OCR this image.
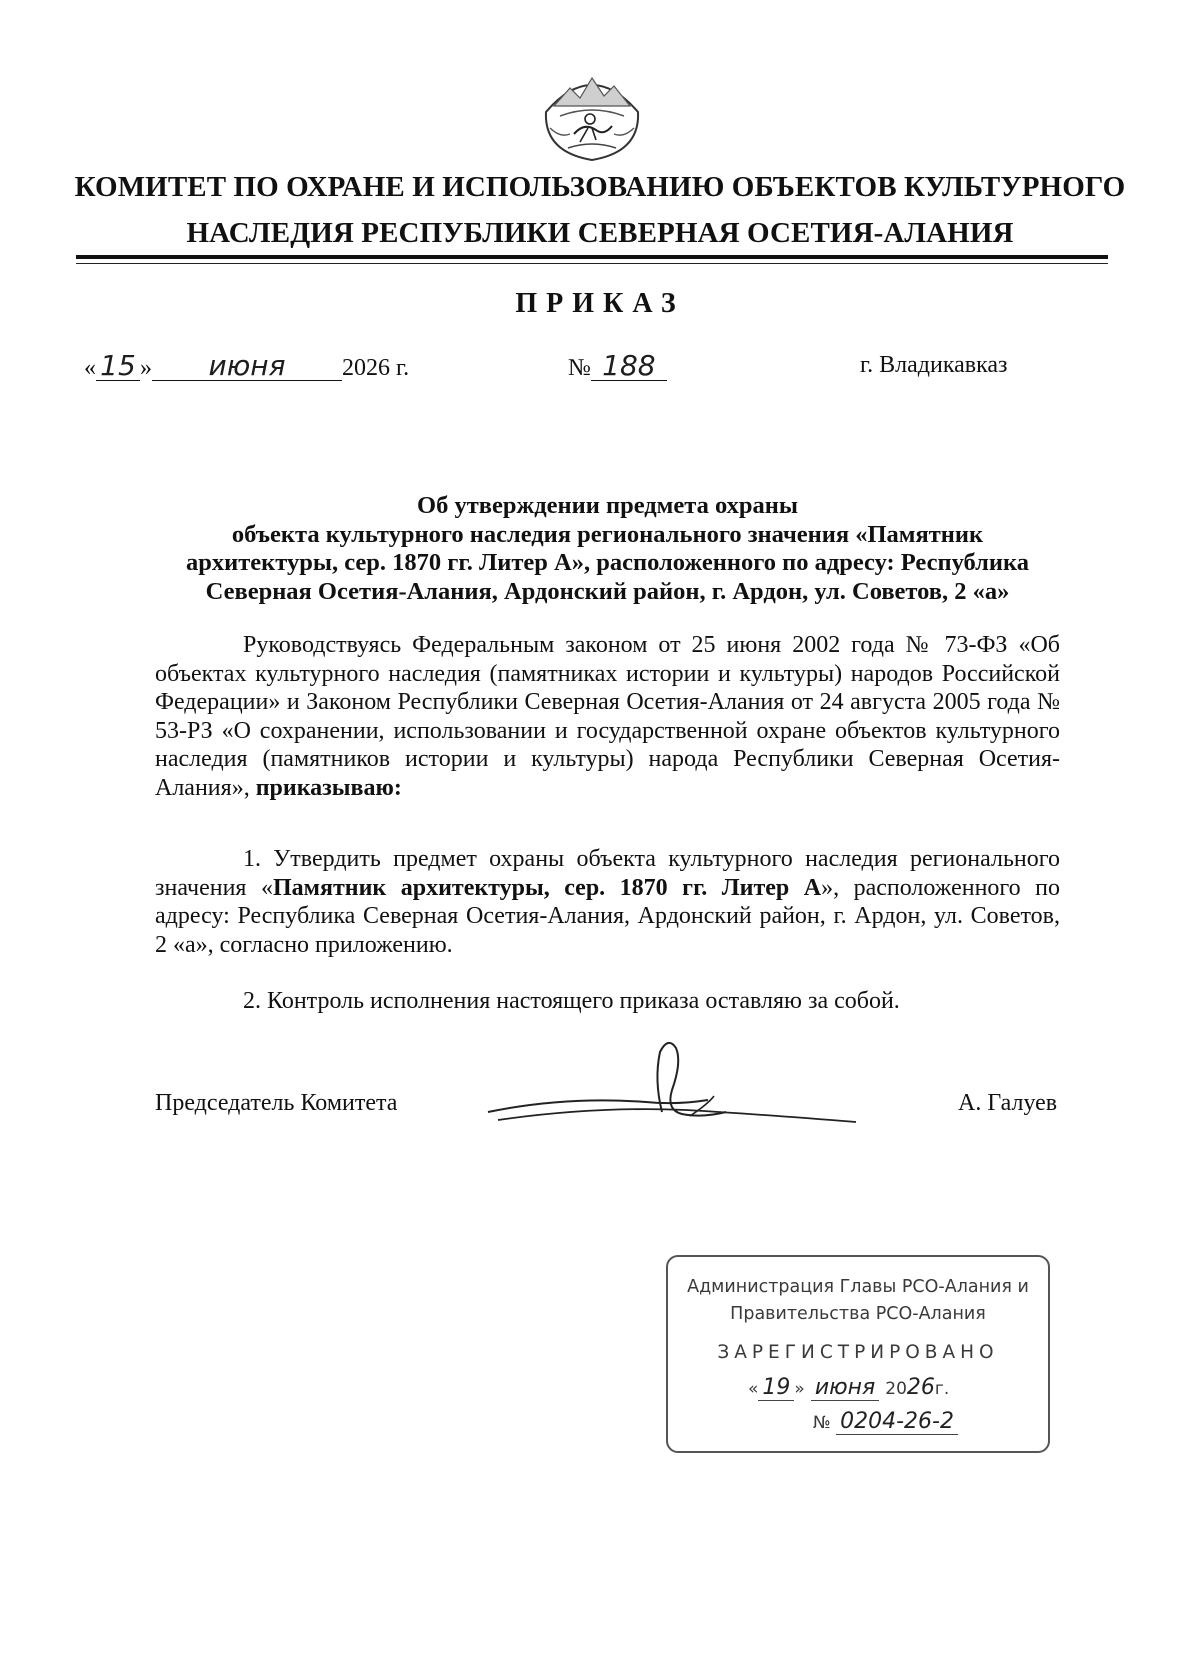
КОМИТЕТ ПО ОХРАНЕ И ИСПОЛЬЗОВАНИЮ ОБЪЕКТОВ КУЛЬТУРНОГО
НАСЛЕДИЯ РЕСПУБЛИКИ СЕВЕРНАЯ ОСЕТИЯ-АЛАНИЯ
ПРИКАЗ
« 15 » июня 2026 г.	№ 188	г. Владикавказ
Об утверждении предмета охраны
объекта культурного наследия регионального значения «Памятник
архитектуры, сер. 1870 гг. Литер А», расположенного по адресу: Республика
Северная Осетия-Алания, Ардонский район, г. Ардон, ул. Советов, 2 «а»
Руководствуясь Федеральным законом от 25 июня 2002 года № 73-ФЗ «Об объектах культурного наследия (памятниках истории и культуры) народов Российской Федерации» и Законом Республики Северная Осетия-Алания от 24 августа 2005 года № 53-РЗ «О сохранении, использовании и государственной охране объектов культурного наследия (памятников истории и культуры) народа Республики Северная Осетия-Алания», приказываю:
1. Утвердить предмет охраны объекта культурного наследия регионального значения «Памятник архитектуры, сер. 1870 гг. Литер А», расположенного по адресу: Республика Северная Осетия-Алания, Ардонский район, г. Ардон, ул. Советов, 2 «а», согласно приложению.
2. Контроль исполнения настоящего приказа оставляю за собой.
Председатель Комитета	А. Галуев
Администрация Главы РСО-Алания и
Правительства РСО-Алания
ЗАРЕГИСТРИРОВАНО
« 19 » июня 2026г.
№ 0204-26-2
